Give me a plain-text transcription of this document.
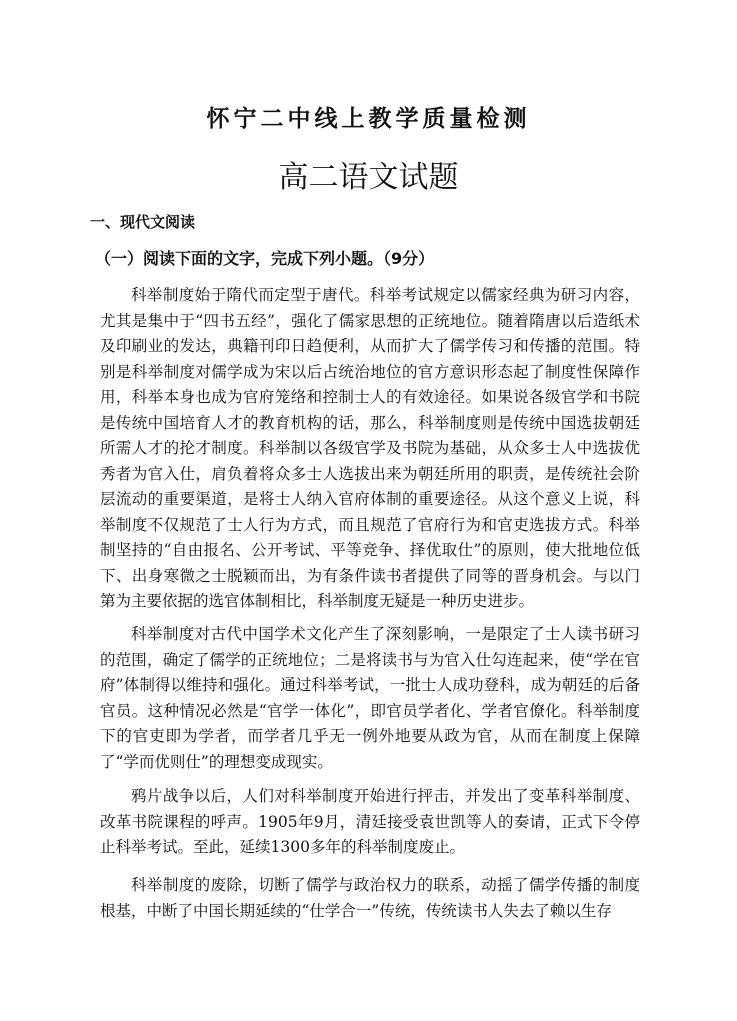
怀宁二中线上教学质量检测
高二语文试题
一、现代文阅读
（一）阅读下面的文字，完成下列小题。（9分）

科举制度始于隋代而定型于唐代。科举考试规定以儒家经典为研习内容，尤其是集中于“四书五经”，强化了儒家思想的正统地位。随着隋唐以后造纸术及印刷业的发达，典籍刊印日趋便利，从而扩大了儒学传习和传播的范围。特别是科举制度对儒学成为宋以后占统治地位的官方意识形态起了制度性保障作用，科举本身也成为官府笼络和控制士人的有效途径。如果说各级官学和书院是传统中国培育人才的教育机构的话，那么，科举制度则是传统中国选拔朝廷所需人才的抡才制度。科举制以各级官学及书院为基础，从众多士人中选拔优秀者为官入仕，肩负着将众多士人选拔出来为朝廷所用的职责，是传统社会阶层流动的重要渠道，是将士人纳入官府体制的重要途径。从这个意义上说，科举制度不仅规范了士人行为方式，而且规范了官府行为和官吏选拔方式。科举制坚持的“自由报名、公开考试、平等竞争、择优取仕”的原则，使大批地位低下、出身寒微之士脱颖而出，为有条件读书者提供了同等的晋身机会。与以门第为主要依据的选官体制相比，科举制度无疑是一种历史进步。

科举制度对古代中国学术文化产生了深刻影响，一是限定了士人读书研习的范围，确定了儒学的正统地位；二是将读书与为官入仕勾连起来，使“学在官府”体制得以维持和强化。通过科举考试，一批士人成功登科，成为朝廷的后备官员。这种情况必然是“官学一体化”，即官员学者化、学者官僚化。科举制度下的官吏即为学者，而学者几乎无一例外地要从政为官，从而在制度上保障了“学而优则仕”的理想变成现实。

鸦片战争以后，人们对科举制度开始进行抨击，并发出了变革科举制度、改革书院课程的呼声。1905年9月，清廷接受袁世凯等人的奏请，正式下令停止科举考试。至此，延续1300多年的科举制度废止。

科举制度的废除，切断了儒学与政治权力的联系，动摇了儒学传播的制度根基，中断了中国长期延续的“仕学合一”传统，传统读书人失去了赖以生存
